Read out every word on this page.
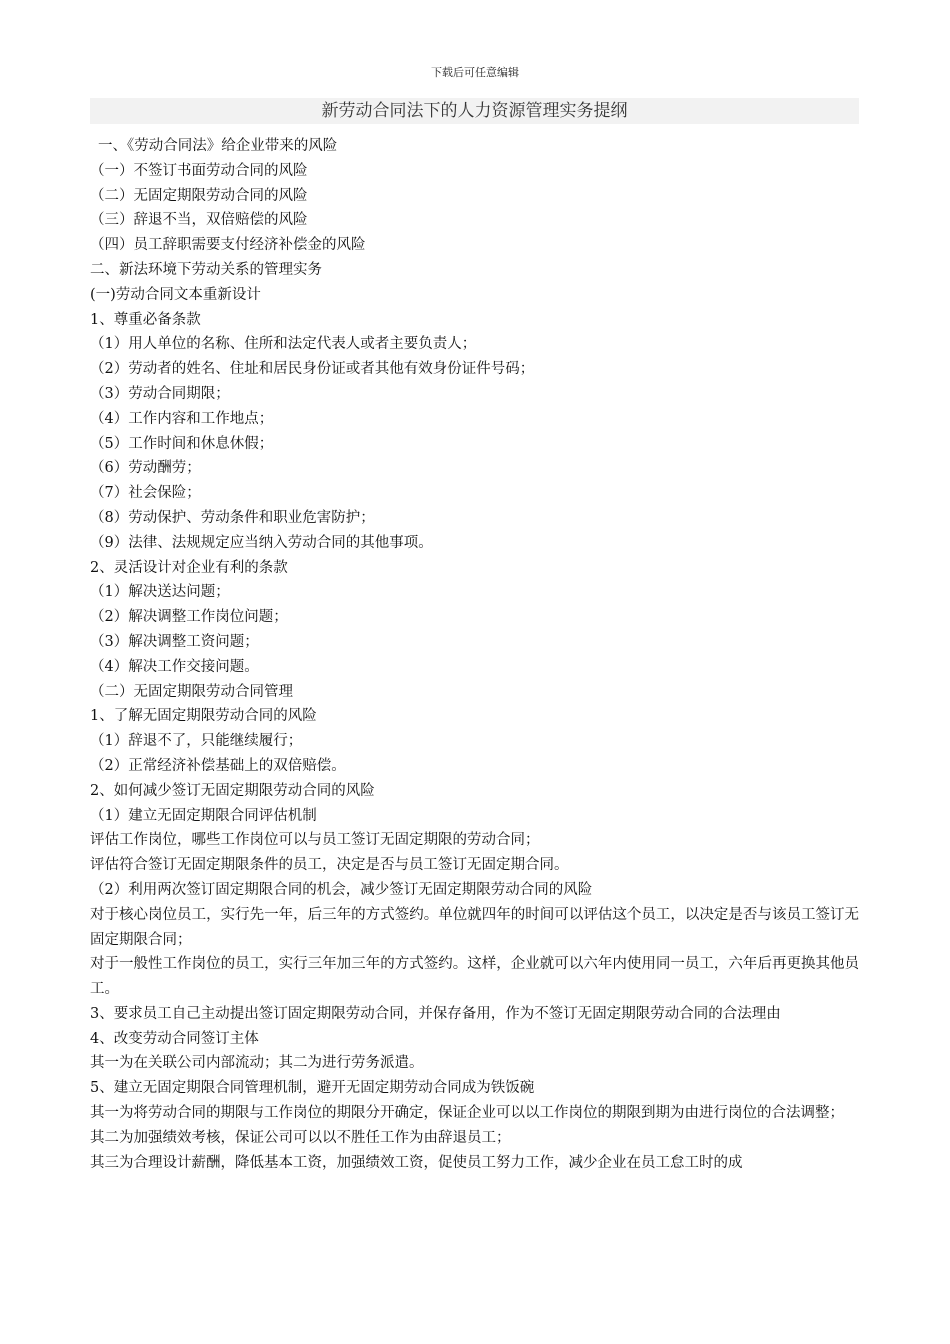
下载后可任意编辑
新劳动合同法下的人力资源管理实务提纲

一、《劳动合同法》给企业带来的风险

（一）不签订书面劳动合同的风险

（二）无固定期限劳动合同的风险

（三）辞退不当，双倍赔偿的风险

（四）员工辞职需要支付经济补偿金的风险

二、新法环境下劳动关系的管理实务

(一)劳动合同文本重新设计

1、尊重必备条款

（1）用人单位的名称、住所和法定代表人或者主要负责人；

（2）劳动者的姓名、住址和居民身份证或者其他有效身份证件号码；

（3）劳动合同期限；

（4）工作内容和工作地点；

（5）工作时间和休息休假；

（6）劳动酬劳；

（7）社会保险；

（8）劳动保护、劳动条件和职业危害防护；

（9）法律、法规规定应当纳入劳动合同的其他事项。

2、灵活设计对企业有利的条款

（1）解决送达问题；

（2）解决调整工作岗位问题；

（3）解决调整工资问题；

（4）解决工作交接问题。

（二）无固定期限劳动合同管理

1、了解无固定期限劳动合同的风险

（1）辞退不了，只能继续履行；

（2）正常经济补偿基础上的双倍赔偿。

2、如何减少签订无固定期限劳动合同的风险

（1）建立无固定期限合同评估机制

评估工作岗位，哪些工作岗位可以与员工签订无固定期限的劳动合同；

评估符合签订无固定期限条件的员工，决定是否与员工签订无固定期合同。

（2）利用两次签订固定期限合同的机会，减少签订无固定期限劳动合同的风险

对于核心岗位员工，实行先一年，后三年的方式签约。单位就四年的时间可以评估这个员工，以决定是否与该员工签订无固定期限合同；

对于一般性工作岗位的员工，实行三年加三年的方式签约。这样，企业就可以六年内使用同一员工，六年后再更换其他员工。

3、要求员工自己主动提出签订固定期限劳动合同，并保存备用，作为不签订无固定期限劳动合同的合法理由

4、改变劳动合同签订主体

其一为在关联公司内部流动；其二为进行劳务派遣。

5、建立无固定期限合同管理机制，避开无固定期劳动合同成为铁饭碗

其一为将劳动合同的期限与工作岗位的期限分开确定，保证企业可以以工作岗位的期限到期为由进行岗位的合法调整；

其二为加强绩效考核，保证公司可以以不胜任工作为由辞退员工；

其三为合理设计薪酬，降低基本工资，加强绩效工资，促使员工努力工作，减少企业在员工怠工时的成
